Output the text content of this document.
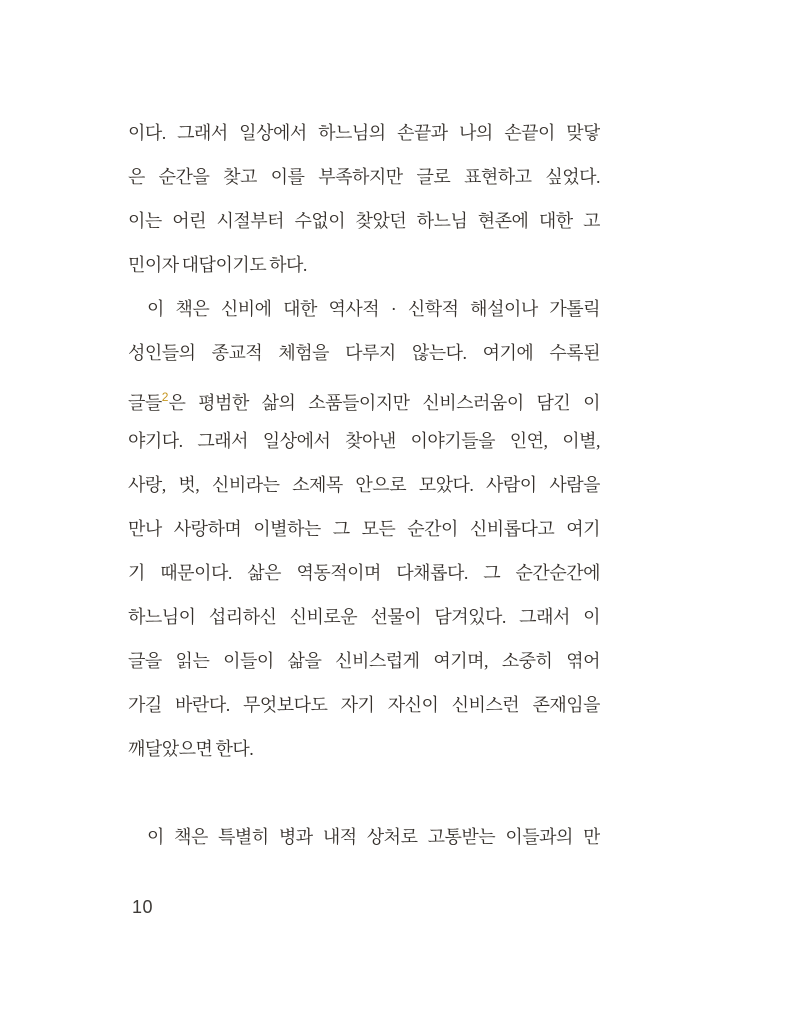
이다. 그래서 일상에서 하느님의 손끝과 나의 손끝이 맞닿
은 순간을 찾고 이를 부족하지만 글로 표현하고 싶었다.
이는 어린 시절부터 수없이 찾았던 하느님 현존에 대한 고
민이자 대답이기도 하다.
이 책은 신비에 대한 역사적 · 신학적 해설이나 가톨릭
성인들의 종교적 체험을 다루지 않는다. 여기에 수록된
글들$^2$은 평범한 삶의 소품들이지만 신비스러움이 담긴 이
야기다. 그래서 일상에서 찾아낸 이야기들을 인연, 이별,
사랑, 벗, 신비라는 소제목 안으로 모았다. 사람이 사람을
만나 사랑하며 이별하는 그 모든 순간이 신비롭다고 여기
기 때문이다. 삶은 역동적이며 다채롭다. 그 순간순간에
하느님이 섭리하신 신비로운 선물이 담겨있다. 그래서 이
글을 읽는 이들이 삶을 신비스럽게 여기며, 소중히 엮어
가길 바란다. 무엇보다도 자기 자신이 신비스런 존재임을
깨달았으면 한다.
이 책은 특별히 병과 내적 상처로 고통받는 이들과의 만
10
